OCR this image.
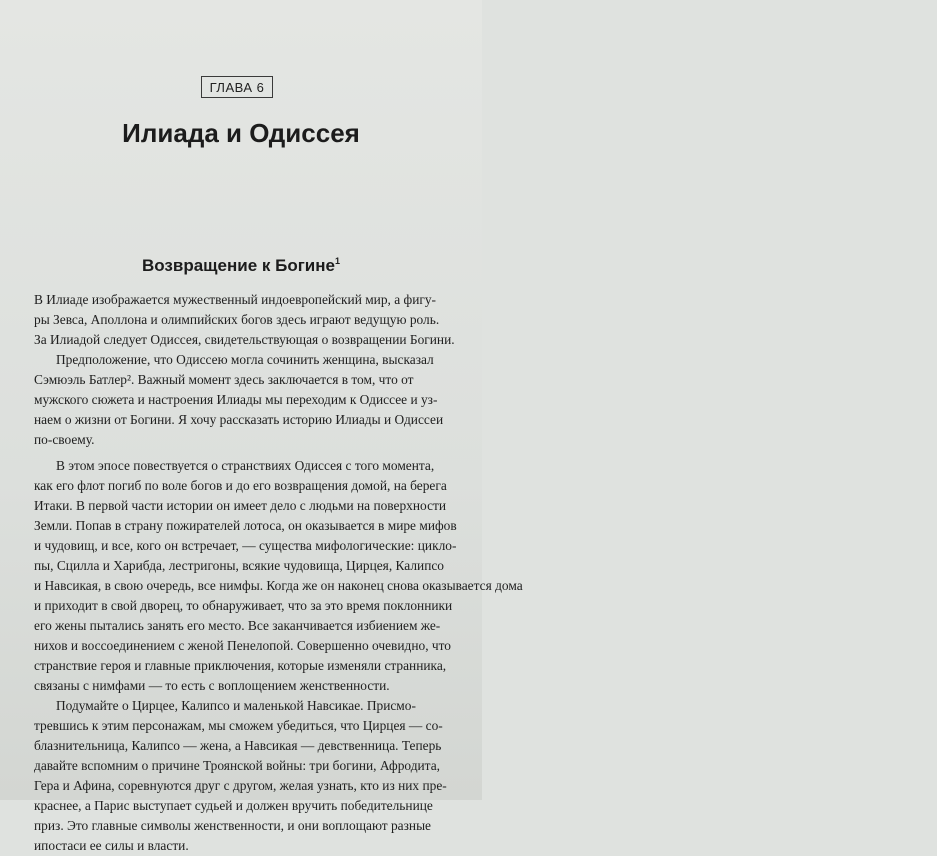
ГЛАВА 6
Илиада и Одиссея
Возвращение к Богине$^1$
В Илиаде изображается мужественный индоевропейский мир, а фигу-
ры Зевса, Аполлона и олимпийских богов здесь играют ведущую роль.
За Илиадой следует Одиссея, свидетельствующая о возвращении Богини.
Предположение, что Одиссею могла сочинить женщина, высказал
Сэмюэль Батлер². Важный момент здесь заключается в том, что от
мужского сюжета и настроения Илиады мы переходим к Одиссее и уз-
наем о жизни от Богини. Я хочу рассказать историю Илиады и Одиссеи
по-своему.
В этом эпосе повествуется о странствиях Одиссея с того момента,
как его флот погиб по воле богов и до его возвращения домой, на берега
Итаки. В первой части истории он имеет дело с людьми на поверхности
Земли. Попав в страну пожирателей лотоса, он оказывается в мире мифов
и чудовищ, и все, кого он встречает, — существа мифологические: цикло-
пы, Сцилла и Харибда, лестригоны, всякие чудовища, Цирцея, Калипсо
и Навсикая, в свою очередь, все нимфы. Когда же он наконец снова оказывается дома
и приходит в свой дворец, то обнаруживает, что за это время поклонники
его жены пытались занять его место. Все заканчивается избиением же-
нихов и воссоединением с женой Пенелопой. Совершенно очевидно, что
странствие героя и главные приключения, которые изменяли странника,
связаны с нимфами — то есть с воплощением женственности.
Подумайте о Цирцее, Калипсо и маленькой Навсикае. Присмо-
тревшись к этим персонажам, мы сможем убедиться, что Цирцея — со-
блазнительница, Калипсо — жена, а Навсикая — девственница. Теперь
давайте вспомним о причине Троянской войны: три богини, Афродита,
Гера и Афина, соревнуются друг с другом, желая узнать, кто из них пре-
краснее, а Парис выступает судьей и должен вручить победительнице
приз. Это главные символы женственности, и они воплощают разные
ипостаси ее силы и власти.
